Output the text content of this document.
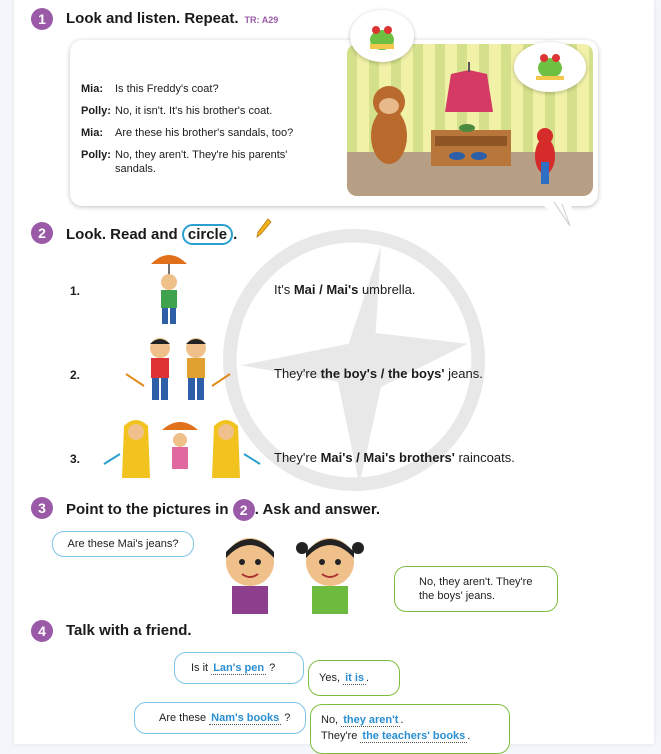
1	Look and listen. Repeat. TR: A29
Mia: Is this Freddy's coat?
Polly: No, it isn't. It's his brother's coat.
Mia: Are these his brother's sandals, too?
Polly: No, they aren't. They're his parents'
sandals.
2	Look. Read and circle .
1.	It's Mai / Mai's umbrella.
2.	They're the boy's / the boys' jeans.
3.	They're Mai's / Mai's brothers' raincoats.
3	Point to the pictures in 2 . Ask and answer.
Are these Mai's jeans?
No, they aren't. They're
the boys' jeans.
4	Talk with a friend.
Is it Lan's pen ?
Yes, it is .
Are these Nam's books ?	No, they aren't .
They're the teachers' books .
